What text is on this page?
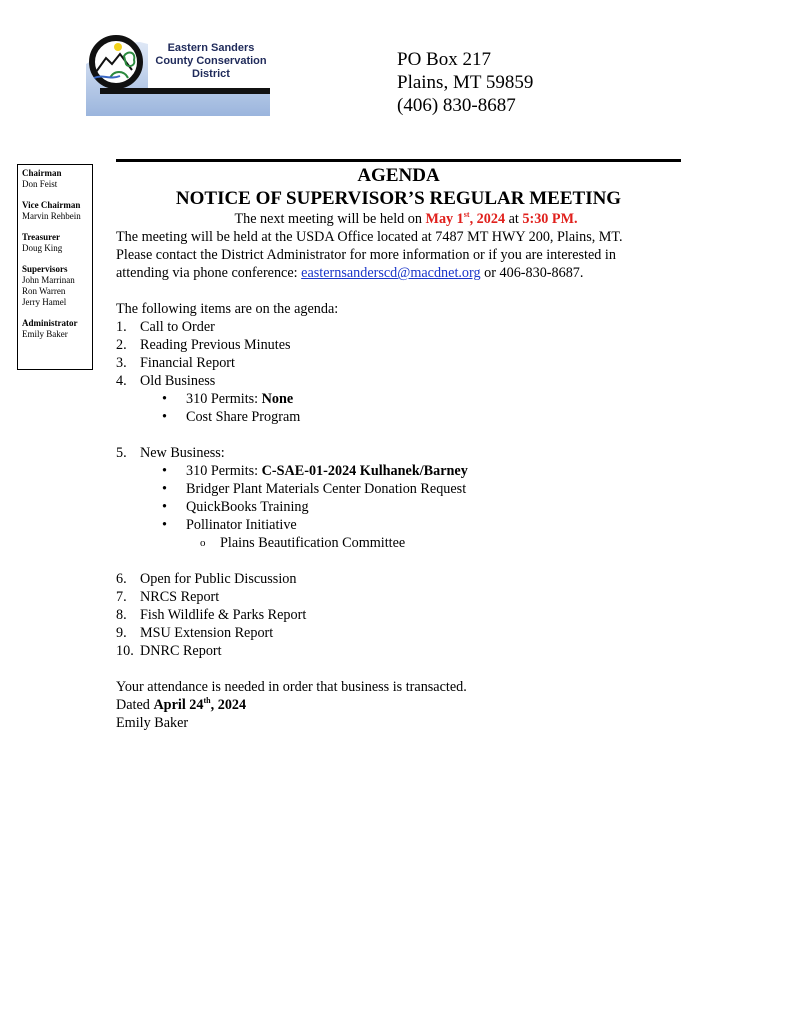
Eastern Sanders
County Conservation
District
PO Box 217
Plains, MT 59859
(406) 830-8687
Chairman
Don Feist
Vice Chairman
Marvin Rehbein
Treasurer
Doug King
Supervisors
John Marrinan
Ron Warren
Jerry Hamel
Administrator
Emily Baker
AGENDA
NOTICE OF SUPERVISOR’S REGULAR MEETING
The next meeting will be held on May 1st, 2024 at 5:30 PM.
The meeting will be held at the USDA Office located at 7487 MT HWY 200, Plains, MT.
Please contact the District Administrator for more information or if you are interested in
attending via phone conference: easternsanderscd@macdnet.org or 406-830-8687.
The following items are on the agenda:
1. Call to Order
2. Reading Previous Minutes
3. Financial Report
4. Old Business
• 310 Permits: None
• Cost Share Program
5. New Business:
• 310 Permits: C-SAE-01-2024 Kulhanek/Barney
• Bridger Plant Materials Center Donation Request
• QuickBooks Training
• Pollinator Initiative
o Plains Beautification Committee
6. Open for Public Discussion
7. NRCS Report
8. Fish Wildlife & Parks Report
9. MSU Extension Report
10. DNRC Report
Your attendance is needed in order that business is transacted.
Dated April 24th, 2024
Emily Baker
